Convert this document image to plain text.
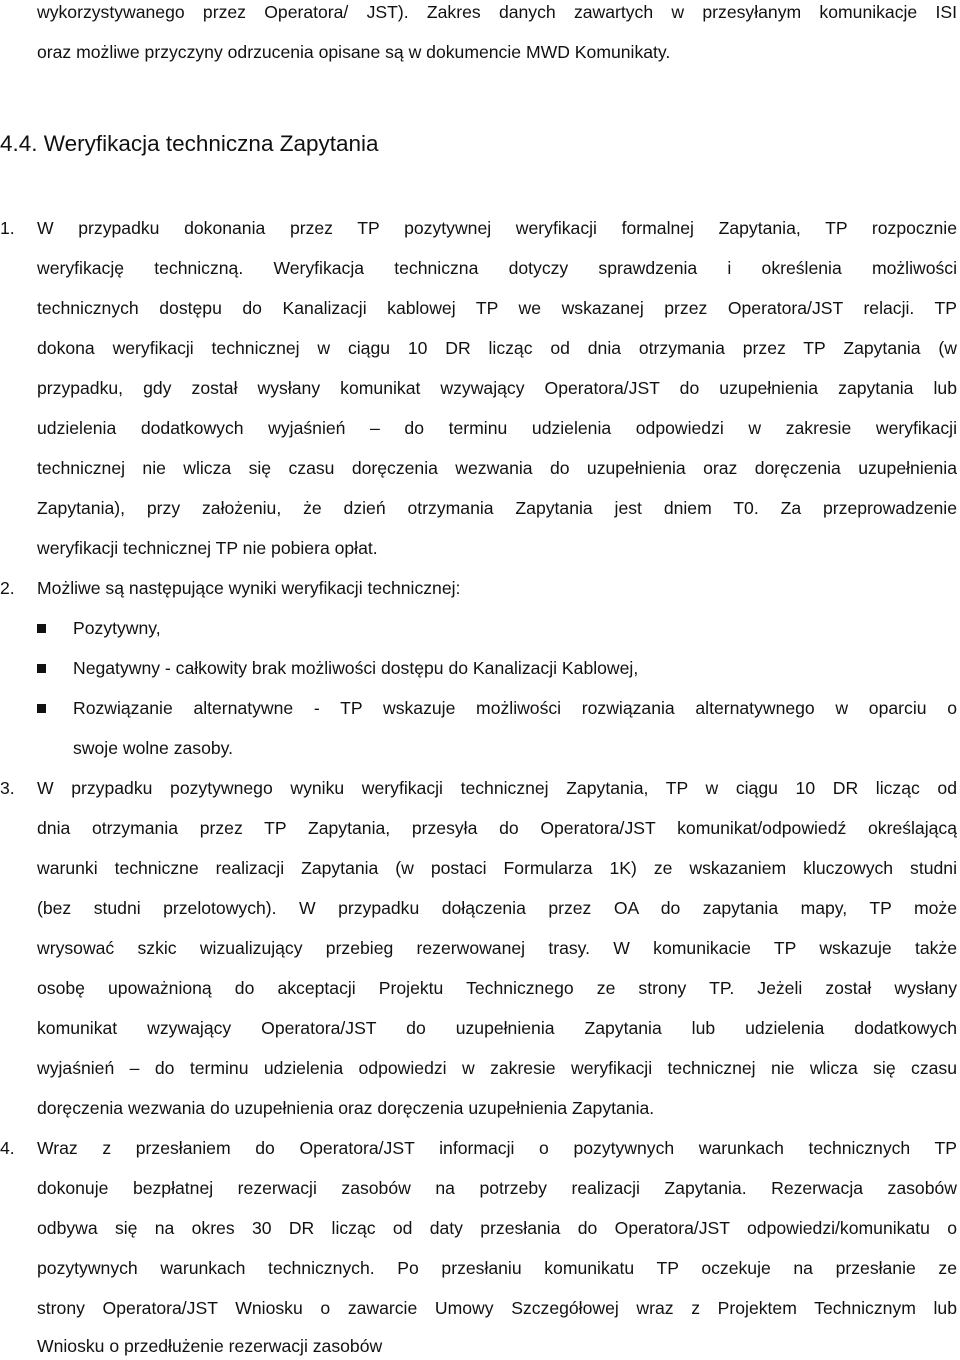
wykorzystywanego przez Operatora/ JST). Zakres danych zawartych w przesyłanym komunikacje ISI
oraz możliwe przyczyny odrzucenia opisane są w dokumencie MWD Komunikaty.
4.4. Weryfikacja techniczna Zapytania
1. W przypadku dokonania przez TP pozytywnej weryfikacji formalnej Zapytania, TP rozpocznie
weryfikację techniczną. Weryfikacja techniczna dotyczy sprawdzenia i określenia możliwości
technicznych dostępu do Kanalizacji kablowej TP we wskazanej przez Operatora/JST relacji. TP
dokona weryfikacji technicznej w ciągu 10 DR licząc od dnia otrzymania przez TP Zapytania (w
przypadku, gdy został wysłany komunikat wzywający Operatora/JST do uzupełnienia zapytania lub
udzielenia dodatkowych wyjaśnień – do terminu udzielenia odpowiedzi w zakresie weryfikacji
technicznej nie wlicza się czasu doręczenia wezwania do uzupełnienia oraz doręczenia uzupełnienia
Zapytania), przy założeniu, że dzień otrzymania Zapytania jest dniem T0. Za przeprowadzenie
weryfikacji technicznej TP nie pobiera opłat.
2. Możliwe są następujące wyniki weryfikacji technicznej:
Pozytywny,
Negatywny - całkowity brak możliwości dostępu do Kanalizacji Kablowej,
Rozwiązanie alternatywne - TP wskazuje możliwości rozwiązania alternatywnego w oparciu o
swoje wolne zasoby.
3. W przypadku pozytywnego wyniku weryfikacji technicznej Zapytania, TP w ciągu 10 DR licząc od
dnia otrzymania przez TP Zapytania, przesyła do Operatora/JST komunikat/odpowiedź określającą
warunki techniczne realizacji Zapytania (w postaci Formularza 1K) ze wskazaniem kluczowych studni
(bez studni przelotowych). W przypadku dołączenia przez OA do zapytania mapy, TP może
wrysować szkic wizualizujący przebieg rezerwowanej trasy. W komunikacie TP wskazuje także
osobę upoważnioną do akceptacji Projektu Technicznego ze strony TP. Jeżeli został wysłany
komunikat wzywający Operatora/JST do uzupełnienia Zapytania lub udzielenia dodatkowych
wyjaśnień – do terminu udzielenia odpowiedzi w zakresie weryfikacji technicznej nie wlicza się czasu
doręczenia wezwania do uzupełnienia oraz doręczenia uzupełnienia Zapytania.
4. Wraz z przesłaniem do Operatora/JST informacji o pozytywnych warunkach technicznych TP
dokonuje bezpłatnej rezerwacji zasobów na potrzeby realizacji Zapytania. Rezerwacja zasobów
odbywa się na okres 30 DR licząc od daty przesłania do Operatora/JST odpowiedzi/komunikatu o
pozytywnych warunkach technicznych. Po przesłaniu komunikatu TP oczekuje na przesłanie ze
strony Operatora/JST Wniosku o zawarcie Umowy Szczegółowej wraz z Projektem Technicznym lub
Wniosku o przedłużenie rezerwacji zasobów
